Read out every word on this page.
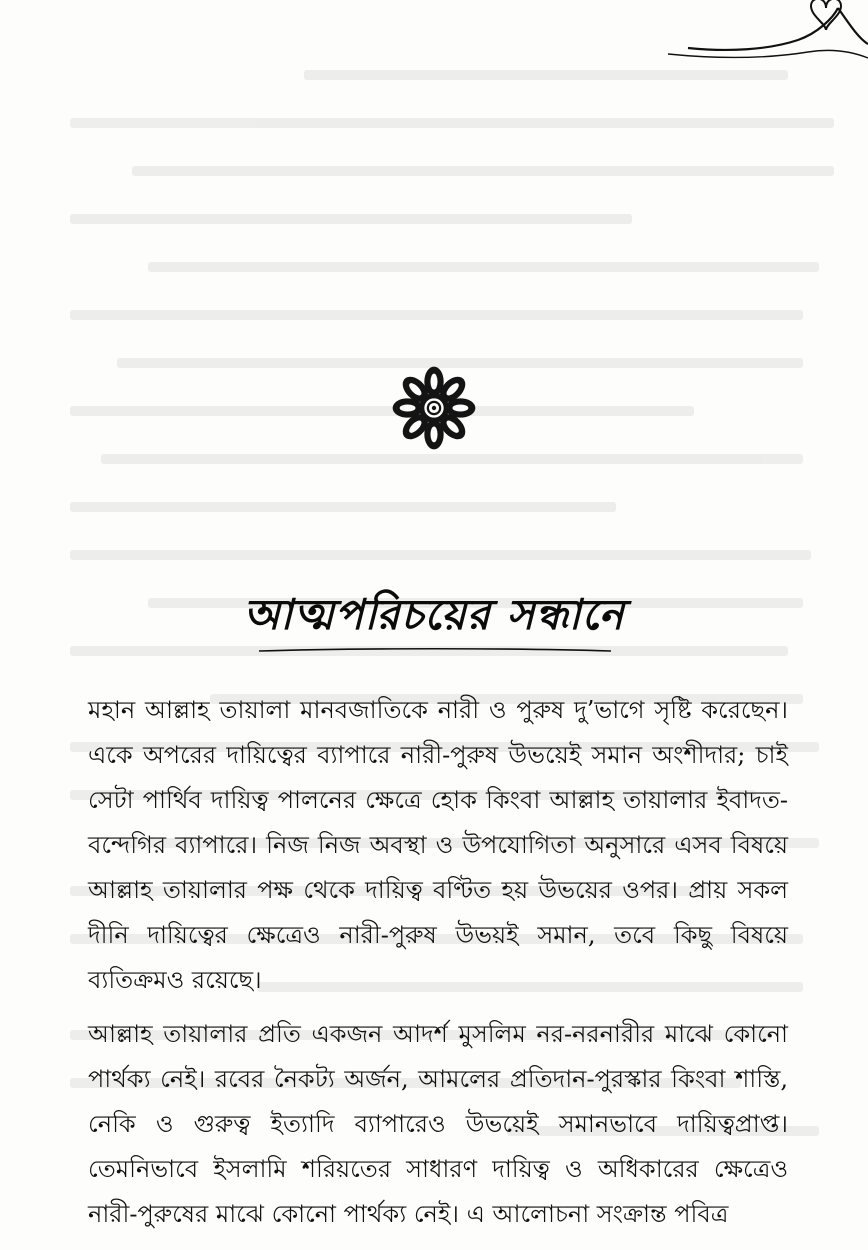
আত্মপরিচয়ের সন্ধানে

মহান আল্লাহ তায়ালা মানবজাতিকে নারী ও পুরুষ দু’ভাগে সৃষ্টি করেছেন। একে অপরের দায়িত্বের ব্যাপারে নারী-পুরুষ উভয়েই সমান অংশীদার; চাই সেটা পার্থিব দায়িত্ব পালনের ক্ষেত্রে হোক কিংবা আল্লাহ তায়ালার ইবাদত-বন্দেগির ব্যাপারে। নিজ নিজ অবস্থা ও উপযোগিতা অনুসারে এসব বিষয়ে আল্লাহ তায়ালার পক্ষ থেকে দায়িত্ব বণ্টিত হয় উভয়ের ওপর। প্রায় সকল দীনি দায়িত্বের ক্ষেত্রেও নারী-পুরুষ উভয়ই সমান, তবে কিছু বিষয়ে ব্যতিক্রমও রয়েছে।

আল্লাহ তায়ালার প্রতি একজন আদর্শ মুসলিম নর-নরনারীর মাঝে কোনো পার্থক্য নেই। রবের নৈকট্য অর্জন, আমলের প্রতিদান-পুরস্কার কিংবা শাস্তি, নেকি ও গুরুত্ব ইত্যাদি ব্যাপারেও উভয়েই সমানভাবে দায়িত্বপ্রাপ্ত। তেমনিভাবে ইসলামি শরিয়তের সাধারণ দায়িত্ব ও অধিকারের ক্ষেত্রেও নারী-পুরুষের মাঝে কোনো পার্থক্য নেই। এ আলোচনা সংক্রান্ত পবিত্র
